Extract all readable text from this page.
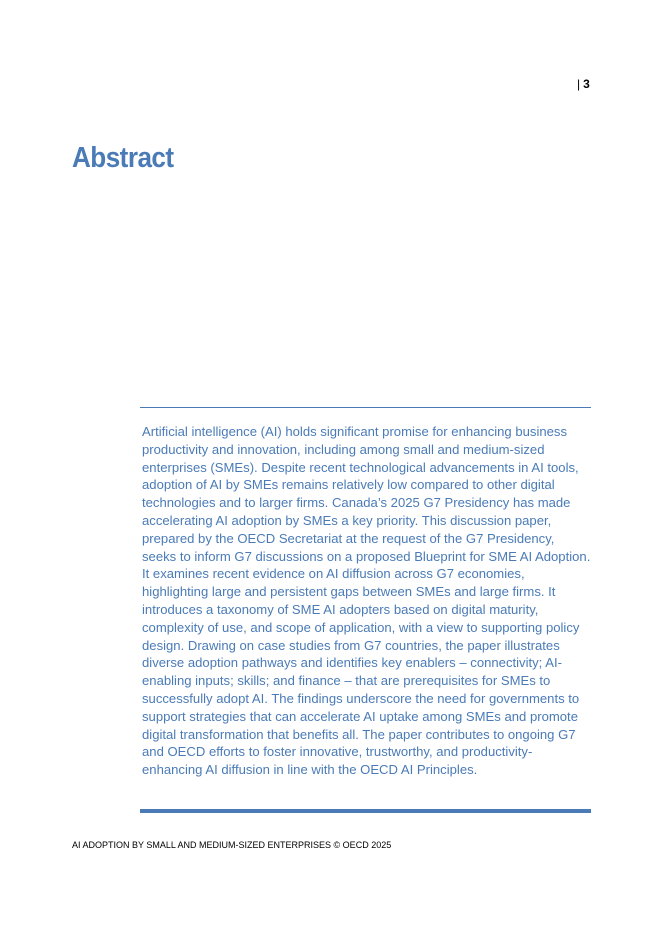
| 3
Abstract

Artificial intelligence (AI) holds significant promise for enhancing business productivity and innovation, including among small and medium-sized enterprises (SMEs). Despite recent technological advancements in AI tools, adoption of AI by SMEs remains relatively low compared to other digital technologies and to larger firms. Canada’s 2025 G7 Presidency has made accelerating AI adoption by SMEs a key priority. This discussion paper, prepared by the OECD Secretariat at the request of the G7 Presidency, seeks to inform G7 discussions on a proposed Blueprint for SME AI Adoption. It examines recent evidence on AI diffusion across G7 economies, highlighting large and persistent gaps between SMEs and large firms. It introduces a taxonomy of SME AI adopters based on digital maturity, complexity of use, and scope of application, with a view to supporting policy design. Drawing on case studies from G7 countries, the paper illustrates diverse adoption pathways and identifies key enablers – connectivity; AI-enabling inputs; skills; and finance – that are prerequisites for SMEs to successfully adopt AI. The findings underscore the need for governments to support strategies that can accelerate AI uptake among SMEs and promote digital transformation that benefits all. The paper contributes to ongoing G7 and OECD efforts to foster innovative, trustworthy, and productivity-enhancing AI diffusion in line with the OECD AI Principles.

AI ADOPTION BY SMALL AND MEDIUM-SIZED ENTERPRISES © OECD 2025
